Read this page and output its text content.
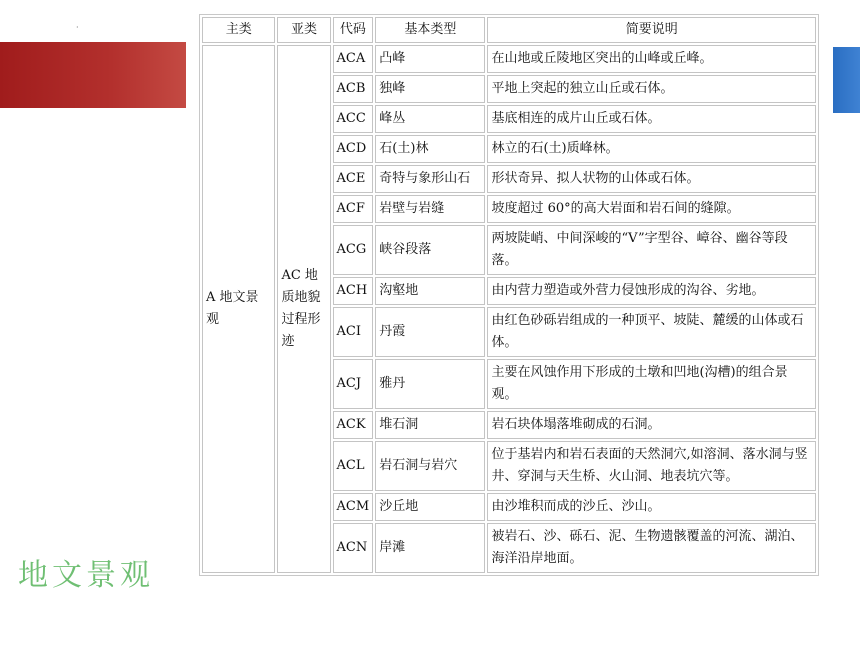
·
地文景观
主类	亚类	代码	基本类型	简要说明
A 地文景观	AC 地质地貌过程形迹	ACA	凸峰	在山地或丘陵地区突出的山峰或丘峰。
		ACB	独峰	平地上突起的独立山丘或石体。
		ACC	峰丛	基底相连的成片山丘或石体。
		ACD	石(土)林	林立的石(土)质峰林。
		ACE	奇特与象形山石	形状奇异、拟人状物的山体或石体。
		ACF	岩壁与岩缝	坡度超过 60°的高大岩面和岩石间的缝隙。
		ACG	峡谷段落	两坡陡峭、中间深峻的“V”字型谷、嶂谷、幽谷等段落。
		ACH	沟壑地	由内营力塑造或外营力侵蚀形成的沟谷、劣地。
		ACI	丹霞	由红色砂砾岩组成的一种顶平、坡陡、麓缓的山体或石体。
		ACJ	雅丹	主要在风蚀作用下形成的土墩和凹地(沟槽)的组合景观。
		ACK	堆石洞	岩石块体塌落堆砌成的石洞。
		ACL	岩石洞与岩穴	位于基岩内和岩石表面的天然洞穴,如溶洞、落水洞与竖井、穿洞与天生桥、火山洞、地表坑穴等。
		ACM	沙丘地	由沙堆积而成的沙丘、沙山。
		ACN	岸滩	被岩石、沙、砾石、泥、生物遗骸覆盖的河流、湖泊、海洋沿岸地面。
